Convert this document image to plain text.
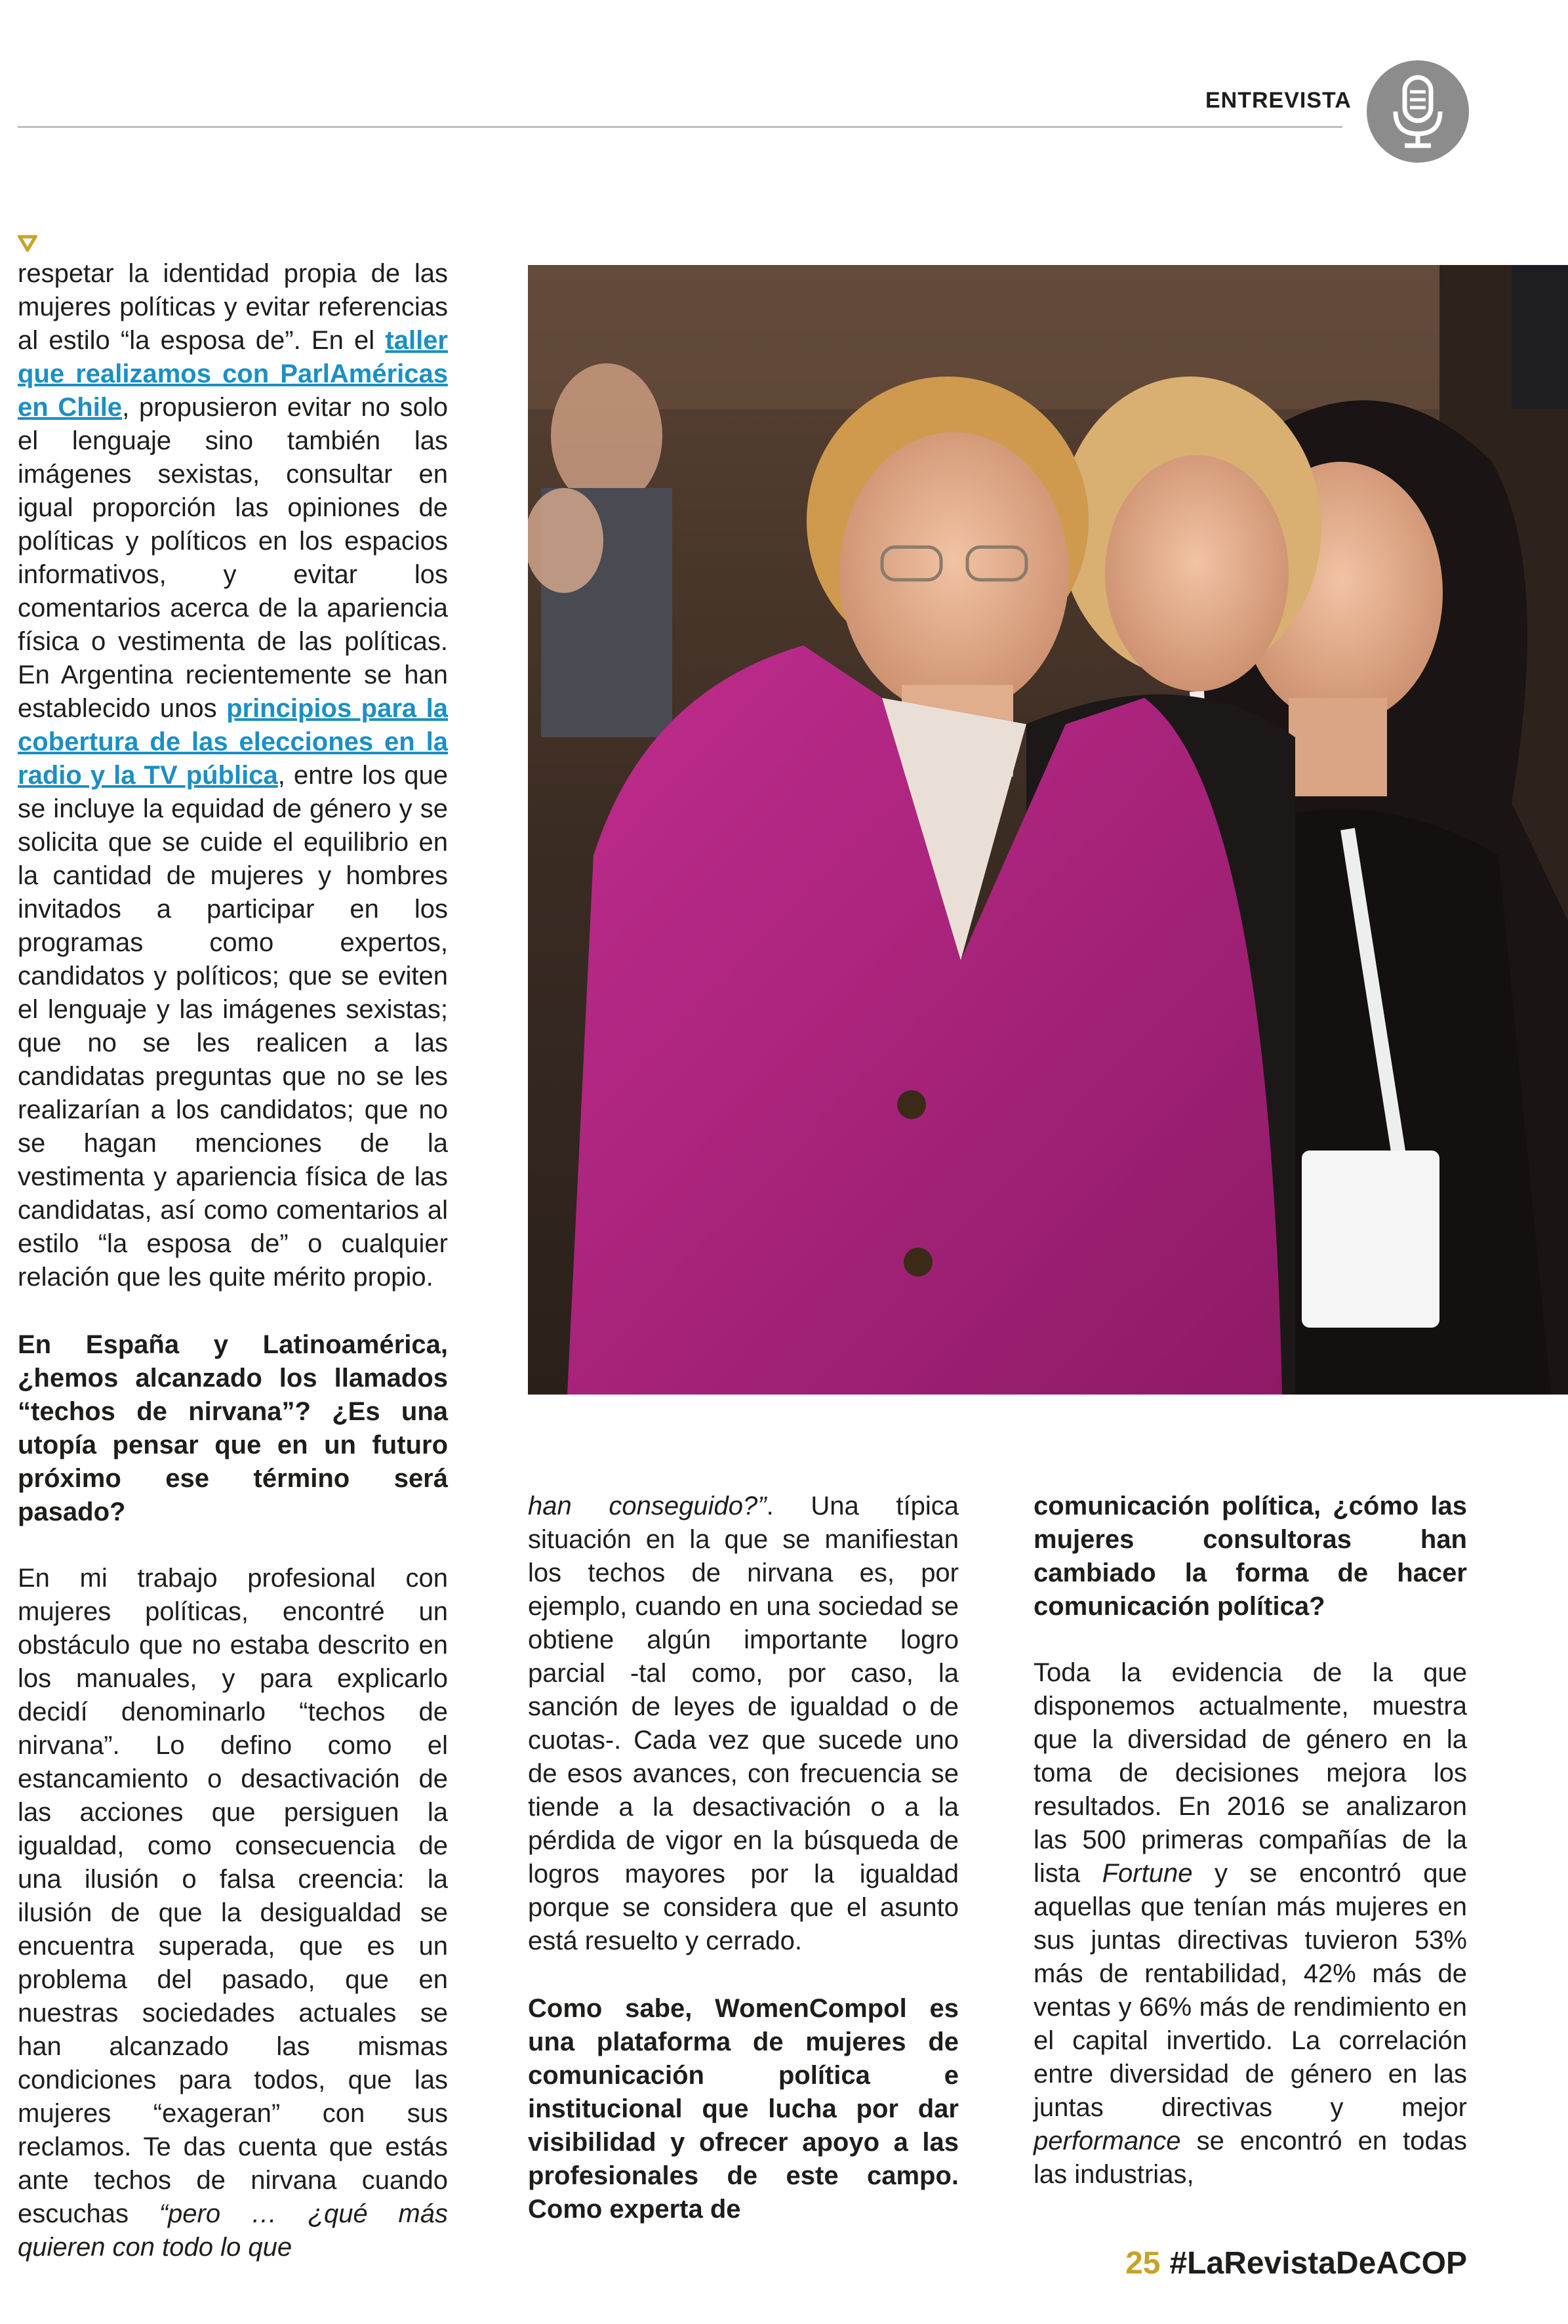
ENTREVISTA

respetar la identidad propia de las mujeres políticas y evitar referencias al estilo “la esposa de”. En el taller que realizamos con ParlAméricas en Chile, propusieron evitar no solo el lenguaje sino también las imágenes sexistas, consultar en igual proporción las opiniones de políticas y políticos en los espacios informativos, y evitar los comentarios acerca de la apariencia física o vestimenta de las políticas. En Argentina recientemente se han establecido unos principios para la cobertura de las elecciones en la radio y la TV pública, entre los que se incluye la equidad de género y se solicita que se cuide el equilibrio en la cantidad de mujeres y hombres invitados a participar en los programas como expertos, candidatos y políticos; que se eviten el lenguaje y las imágenes sexistas; que no se les realicen a las candidatas preguntas que no se les realizarían a los candidatos; que no se hagan menciones de la vestimenta y apariencia física de las candidatas, así como comentarios al estilo “la esposa de” o cualquier relación que les quite mérito propio.

En España y Latinoamérica, ¿hemos alcanzado los llamados “techos de nirvana”? ¿Es una utopía pensar que en un futuro próximo ese término será pasado?

En mi trabajo profesional con mujeres políticas, encontré un obstáculo que no estaba descrito en los manuales, y para explicarlo decidí denominarlo “techos de nirvana”. Lo defino como el estancamiento o desactivación de las acciones que persiguen la igualdad, como consecuencia de una ilusión o falsa creencia: la ilusión de que la desigualdad se encuentra superada, que es un problema del pasado, que en nuestras sociedades actuales se han alcanzado las mismas condiciones para todos, que las mujeres “exageran” con sus reclamos. Te das cuenta que estás ante techos de nirvana cuando escuchas “pero … ¿qué más quieren con todo lo que

han conseguido?”. Una típica situación en la que se manifiestan los techos de nirvana es, por ejemplo, cuando en una sociedad se obtiene algún importante logro parcial -tal como, por caso, la sanción de leyes de igualdad o de cuotas-. Cada vez que sucede uno de esos avances, con frecuencia se tiende a la desactivación o a la pérdida de vigor en la búsqueda de logros mayores por la igualdad porque se considera que el asunto está resuelto y cerrado.

Como sabe, WomenCompol es una plataforma de mujeres de comunicación política e institucional que lucha por dar visibilidad y ofrecer apoyo a las profesionales de este campo. Como experta de

comunicación política, ¿cómo las mujeres consultoras han cambiado la forma de hacer comunicación política?

Toda la evidencia de la que disponemos actualmente, muestra que la diversidad de género en la toma de decisiones mejora los resultados. En 2016 se analizaron las 500 primeras compañías de la lista Fortune y se encontró que aquellas que tenían más mujeres en sus juntas directivas tuvieron 53% más de rentabilidad, 42% más de ventas y 66% más de rendimiento en el capital invertido. La correlación entre diversidad de género en las juntas directivas y mejor performance se encontró en todas las industrias,

25 #LaRevistaDeACOP
